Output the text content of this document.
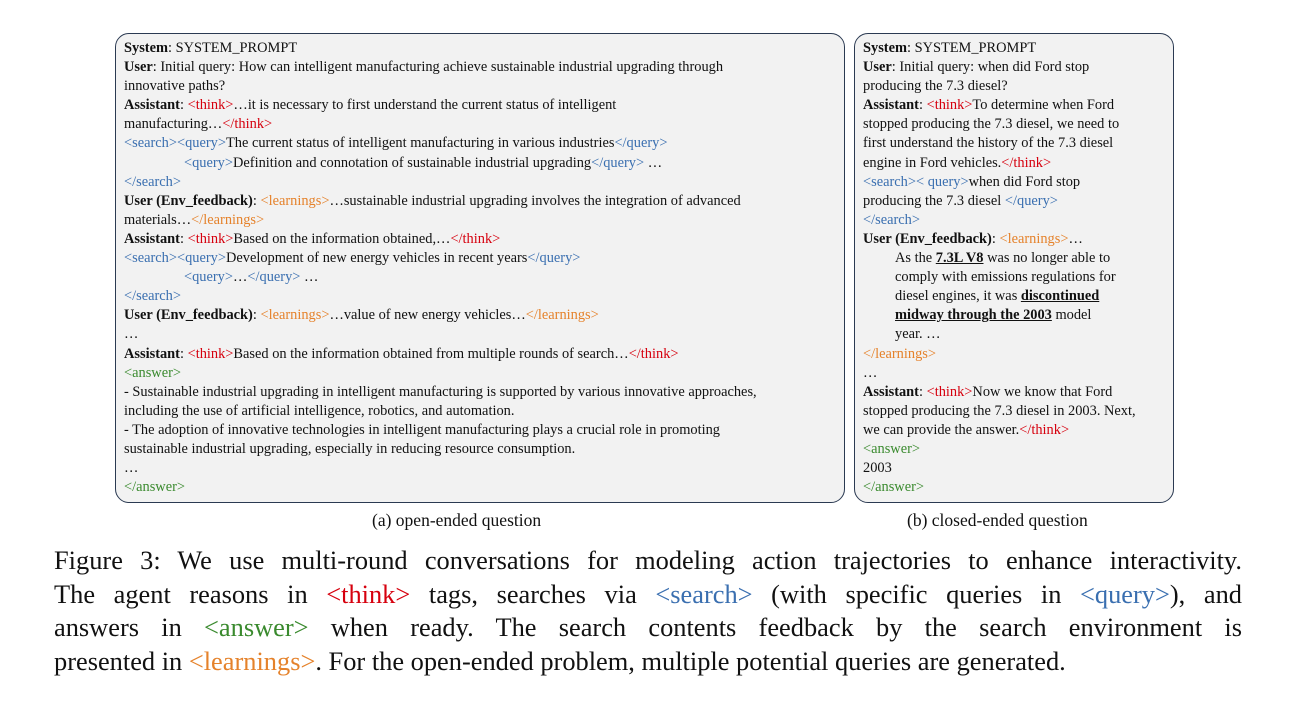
System: SYSTEM_PROMPT
User: Initial query: How can intelligent manufacturing achieve sustainable industrial upgrading through
innovative paths?
Assistant: <think>…it is necessary to first understand the current status of intelligent
manufacturing…</think>
<search><query>The current status of intelligent manufacturing in various industries</query>
<query>Definition and connotation of sustainable industrial upgrading</query> …
</search>
User (Env_feedback): <learnings>…sustainable industrial upgrading involves the integration of advanced
materials…</learnings>
Assistant: <think>Based on the information obtained,…</think>
<search><query>Development of new energy vehicles in recent years</query>
<query>…</query> …
</search>
User (Env_feedback): <learnings>…value of new energy vehicles…</learnings>
…
Assistant: <think>Based on the information obtained from multiple rounds of search…</think>
<answer>
- Sustainable industrial upgrading in intelligent manufacturing is supported by various innovative approaches,
including the use of artificial intelligence, robotics, and automation.
- The adoption of innovative technologies in intelligent manufacturing plays a crucial role in promoting
sustainable industrial upgrading, especially in reducing resource consumption.
…
</answer>
System: SYSTEM_PROMPT
User: Initial query: when did Ford stop
producing the 7.3 diesel?
Assistant: <think>To determine when Ford
stopped producing the 7.3 diesel, we need to
first understand the history of the 7.3 diesel
engine in Ford vehicles.</think>
<search>< query>when did Ford stop
producing the 7.3 diesel </query>
</search>
User (Env_feedback): <learnings>…
As the 7.3L V8 was no longer able to
comply with emissions regulations for
diesel engines, it was discontinued
midway through the 2003 model
year. …
</learnings>
…
Assistant: <think>Now we know that Ford
stopped producing the 7.3 diesel in 2003. Next,
we can provide the answer.</think>
<answer>
2003
</answer>
(a) open-ended question	(b) closed-ended question
Figure 3: We use multi-round conversations for modeling action trajectories to enhance interactivity.
The agent reasons in <think> tags, searches via <search> (with specific queries in <query>), and
answers in <answer> when ready. The search contents feedback by the search environment is
presented in <learnings>. For the open-ended problem, multiple potential queries are generated.
